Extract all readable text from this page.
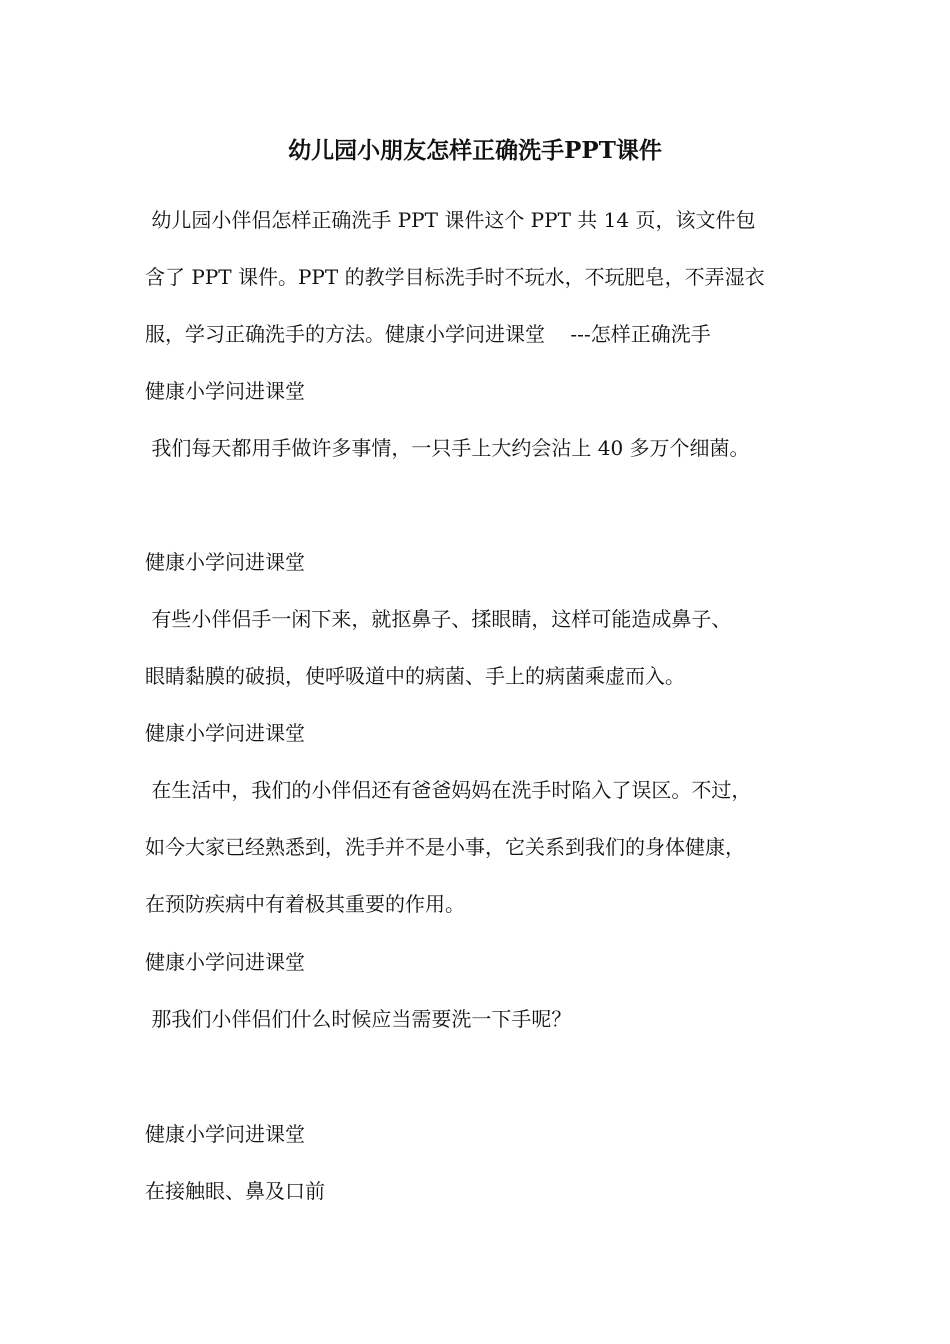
幼儿园小朋友怎样正确洗手PPT课件
幼儿园小伴侣怎样正确洗手 PPT 课件这个 PPT 共 14 页，该文件包
含了 PPT 课件。PPT 的教学目标洗手时不玩水，不玩肥皂，不弄湿衣
服，学习正确洗手的方法。健康小学问进课堂    ---怎样正确洗手
健康小学问进课堂
我们每天都用手做许多事情，一只手上大约会沾上 40 多万个细菌。
健康小学问进课堂
有些小伴侣手一闲下来，就抠鼻子、揉眼睛，这样可能造成鼻子、
眼睛黏膜的破损，使呼吸道中的病菌、手上的病菌乘虚而入。
健康小学问进课堂
在生活中，我们的小伴侣还有爸爸妈妈在洗手时陷入了误区。不过，
如今大家已经熟悉到，洗手并不是小事，它关系到我们的身体健康，
在预防疾病中有着极其重要的作用。
健康小学问进课堂
那我们小伴侣们什么时候应当需要洗一下手呢？
健康小学问进课堂
在接触眼、鼻及口前
